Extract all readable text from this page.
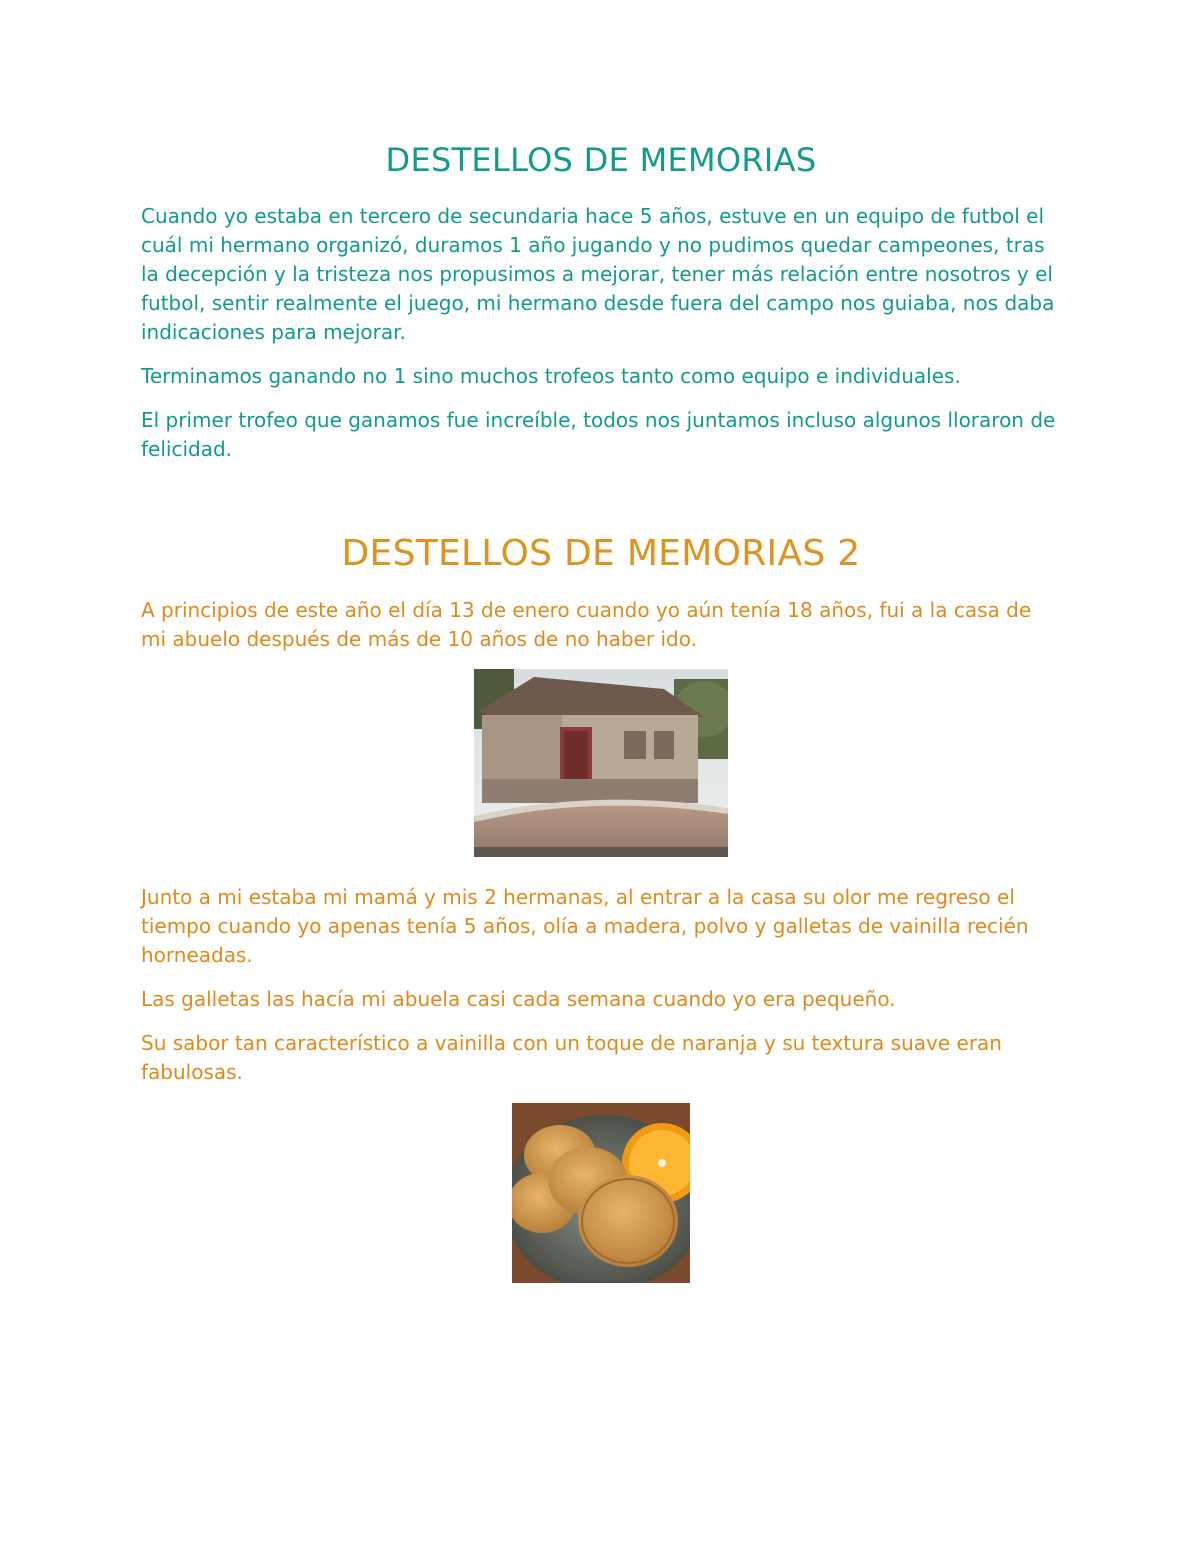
DESTELLOS DE MEMORIAS

Cuando yo estaba en tercero de secundaria hace 5 años, estuve en un equipo de futbol el cuál mi hermano organizó, duramos 1 año jugando y no pudimos quedar campeones, tras la decepción y la tristeza nos propusimos a mejorar, tener más relación entre nosotros y el futbol, sentir realmente el juego, mi hermano desde fuera del campo nos guiaba, nos daba indicaciones para mejorar.

Terminamos ganando no 1 sino muchos trofeos tanto como equipo e individuales.

El primer trofeo que ganamos fue increíble, todos nos juntamos incluso algunos lloraron de felicidad.

DESTELLOS DE MEMORIAS 2

A principios de este año el día 13 de enero cuando yo aún tenía 18 años, fui a la casa de mi abuelo después de más de 10 años de no haber ido.

Junto a mi estaba mi mamá y mis 2 hermanas, al entrar a la casa su olor me regreso el tiempo cuando yo apenas tenía 5 años, olía a madera, polvo y galletas de vainilla recién horneadas.

Las galletas las hacía mi abuela casi cada semana cuando yo era pequeño.

Su sabor tan característico a vainilla con un toque de naranja y su textura suave eran fabulosas.
